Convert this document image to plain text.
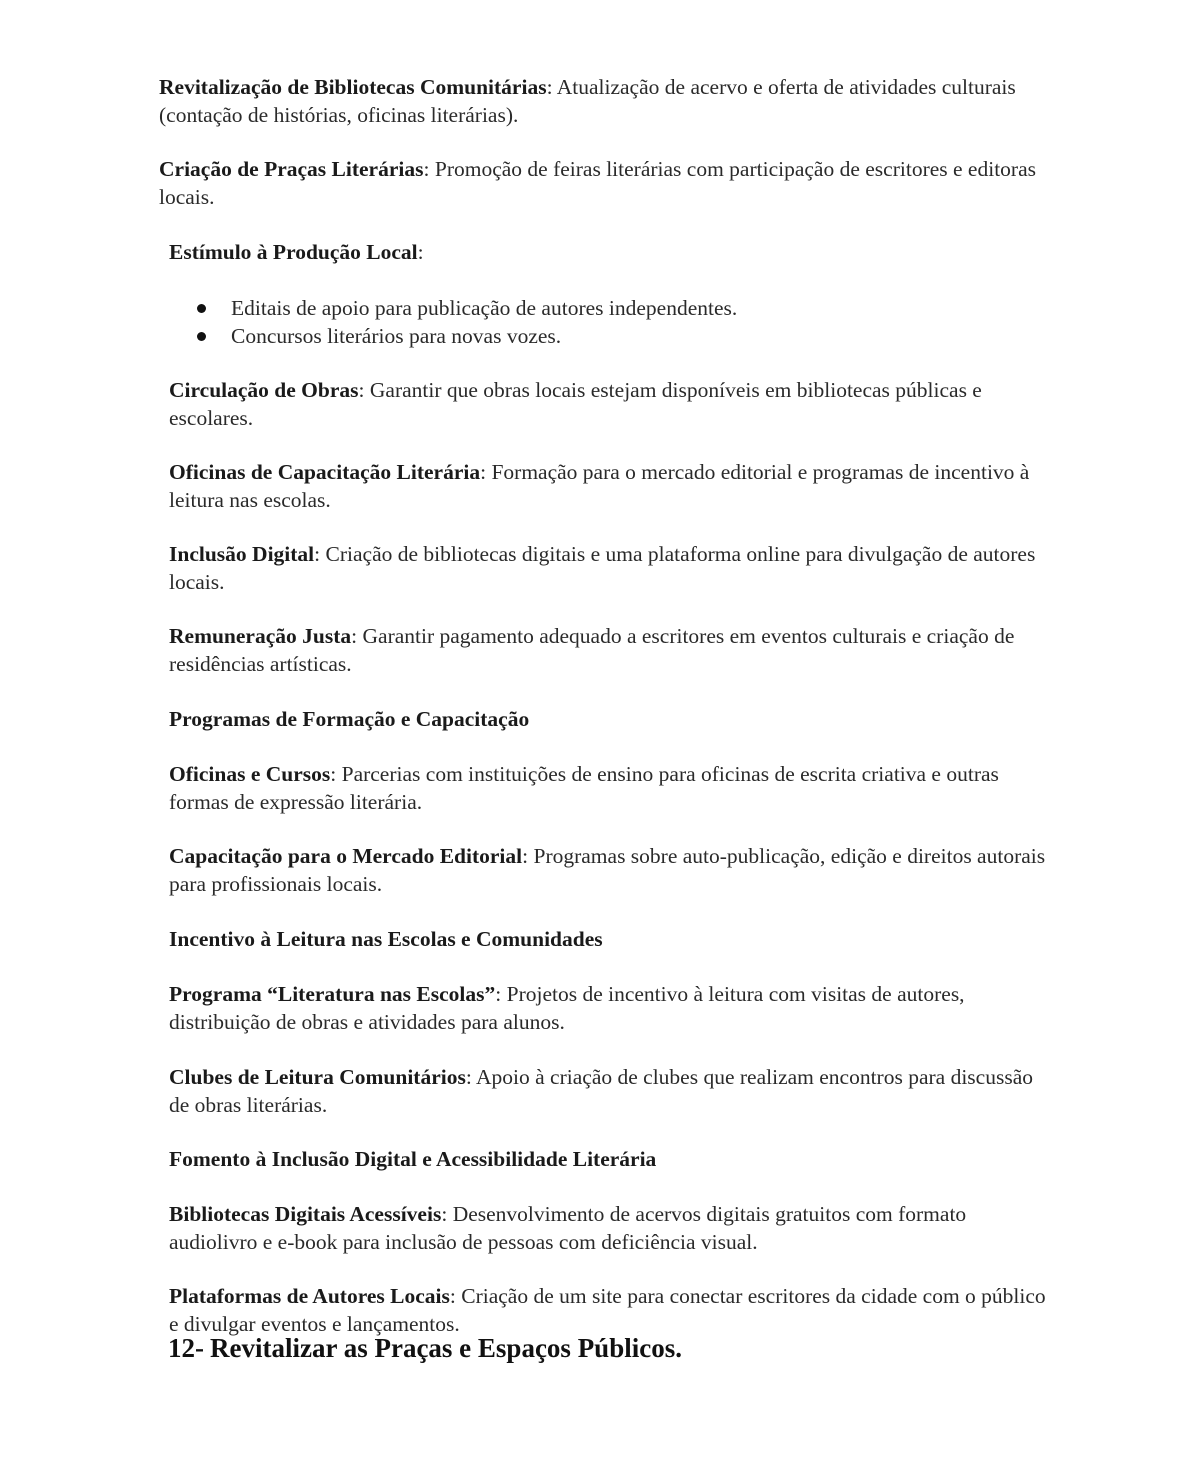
Revitalização de Bibliotecas Comunitárias: Atualização de acervo e oferta de atividades culturais (contação de histórias, oficinas literárias).

Criação de Praças Literárias: Promoção de feiras literárias com participação de escritores e editoras locais.

Estímulo à Produção Local:

Editais de apoio para publicação de autores independentes.
Concursos literários para novas vozes.

Circulação de Obras: Garantir que obras locais estejam disponíveis em bibliotecas públicas e escolares.

Oficinas de Capacitação Literária: Formação para o mercado editorial e programas de incentivo à leitura nas escolas.

Inclusão Digital: Criação de bibliotecas digitais e uma plataforma online para divulgação de autores locais.

Remuneração Justa: Garantir pagamento adequado a escritores em eventos culturais e criação de residências artísticas.

Programas de Formação e Capacitação

Oficinas e Cursos: Parcerias com instituições de ensino para oficinas de escrita criativa e outras formas de expressão literária.

Capacitação para o Mercado Editorial: Programas sobre auto-publicação, edição e direitos autorais para profissionais locais.

Incentivo à Leitura nas Escolas e Comunidades

Programa “Literatura nas Escolas”: Projetos de incentivo à leitura com visitas de autores, distribuição de obras e atividades para alunos.

Clubes de Leitura Comunitários: Apoio à criação de clubes que realizam encontros para discussão de obras literárias.

Fomento à Inclusão Digital e Acessibilidade Literária

Bibliotecas Digitais Acessíveis: Desenvolvimento de acervos digitais gratuitos com formato audiolivro e e-book para inclusão de pessoas com deficiência visual.

Plataformas de Autores Locais: Criação de um site para conectar escritores da cidade com o público e divulgar eventos e lançamentos.

12- Revitalizar as Praças e Espaços Públicos.
